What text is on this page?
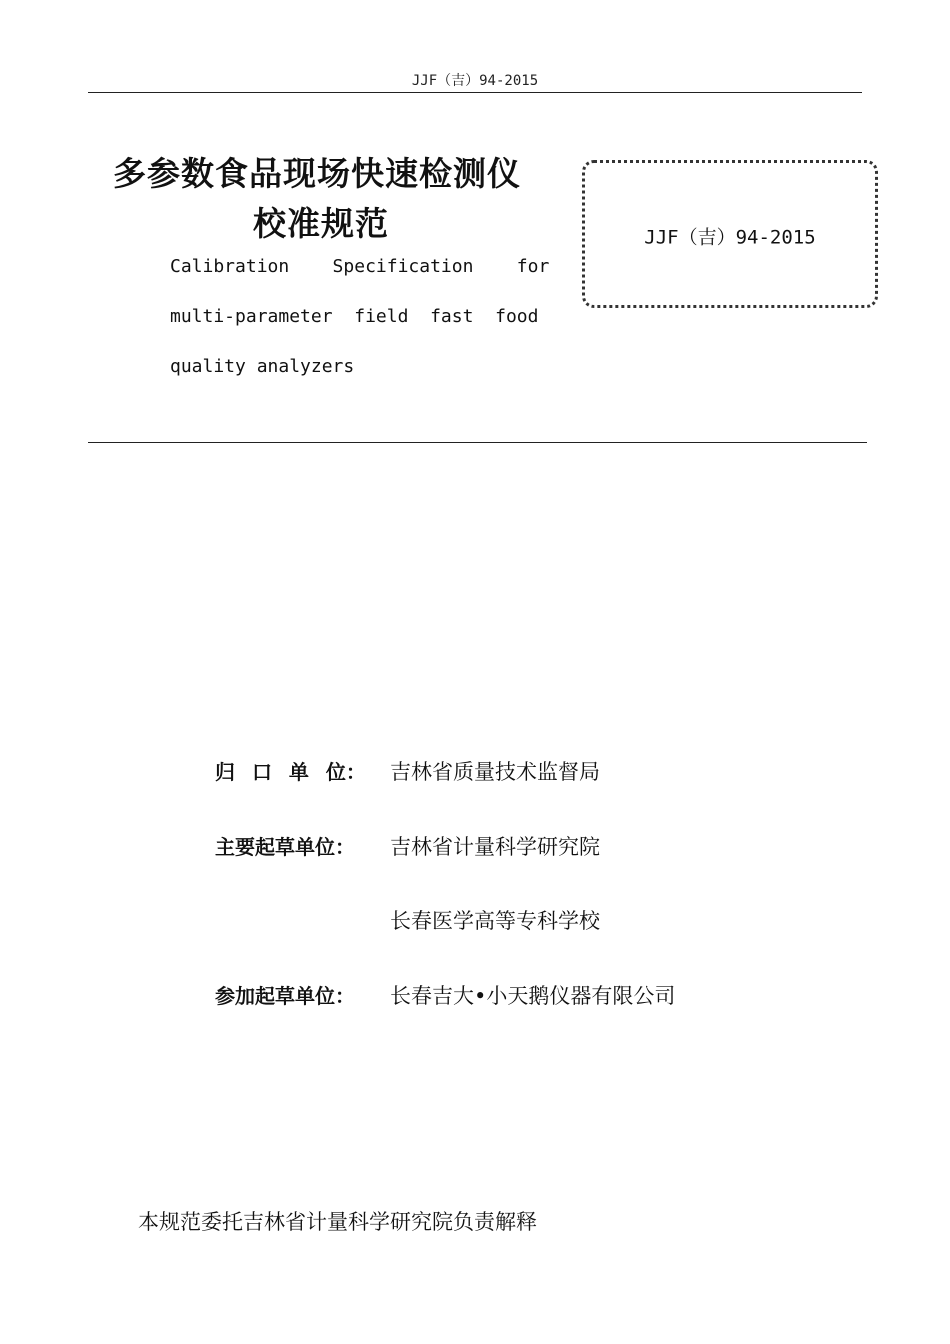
JJF（吉）94-2015
多参数食品现场快速检测仪
校准规范
Calibration    Specification    for
multi-parameter  field  fast  food
quality analyzers
JJF（吉）94-2015
归 口 单 位： 吉林省质量技术监督局
主要起草单位： 吉林省计量科学研究院
长春医学高等专科学校
参加起草单位： 长春吉大•小天鹅仪器有限公司
本规范委托吉林省计量科学研究院负责解释
